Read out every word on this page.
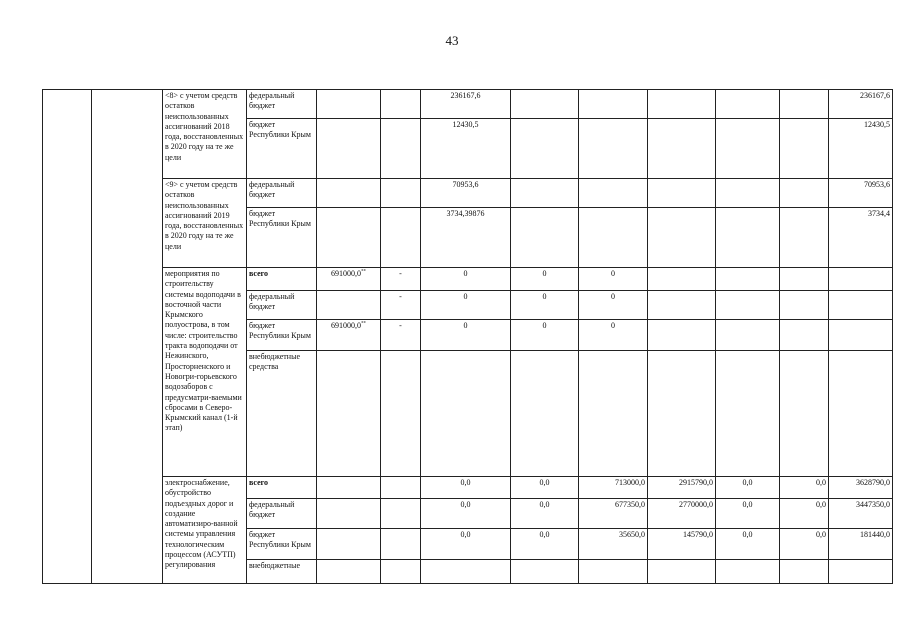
43
		<8> с учетом средств остатков неиспользованных ассигнований 2018 года, восстановленных в 2020 году на те же цели	федеральный бюджет			236167,6						236167,6	
			бюджет Республики Крым			12430,5						12430,5	
		<9> с учетом средств остатков неиспользованных ассигнований 2019 года, восстановленных в 2020 году на те же цели	федеральный бюджет			70953,6						70953,6	
			бюджет Республики Крым			3734,39876						3734,4	
		мероприятия по строительству системы водоподачи в восточной части Крымского полуострова, в том числе: строительство тракта водоподачи от Нежинского, Просторненского и Новогри-горьевского водозаборов с предусматри-ваемыми сбросами в Северо-Крымский канал (1-й этап)	всего	691000,0**	-	0	0	0					
			федеральный бюджет		-	0	0	0					
			бюджет Республики Крым	691000,0**	-	0	0	0					
			внебюджетные средства										
		электроснабжение, обустройство подъездных дорог и создание автоматизиро-ванной системы управления технологическим процессом (АСУТП) регулирования	всего			0,0	0,0	713000,0	2915790,0	0,0	0,0	3628790,0	
			федеральный бюджет			0,0	0,0	677350,0	2770000,0	0,0	0,0	3447350,0	
			бюджет Республики Крым			0,0	0,0	35650,0	145790,0	0,0	0,0	181440,0	
			внебюджетные										
